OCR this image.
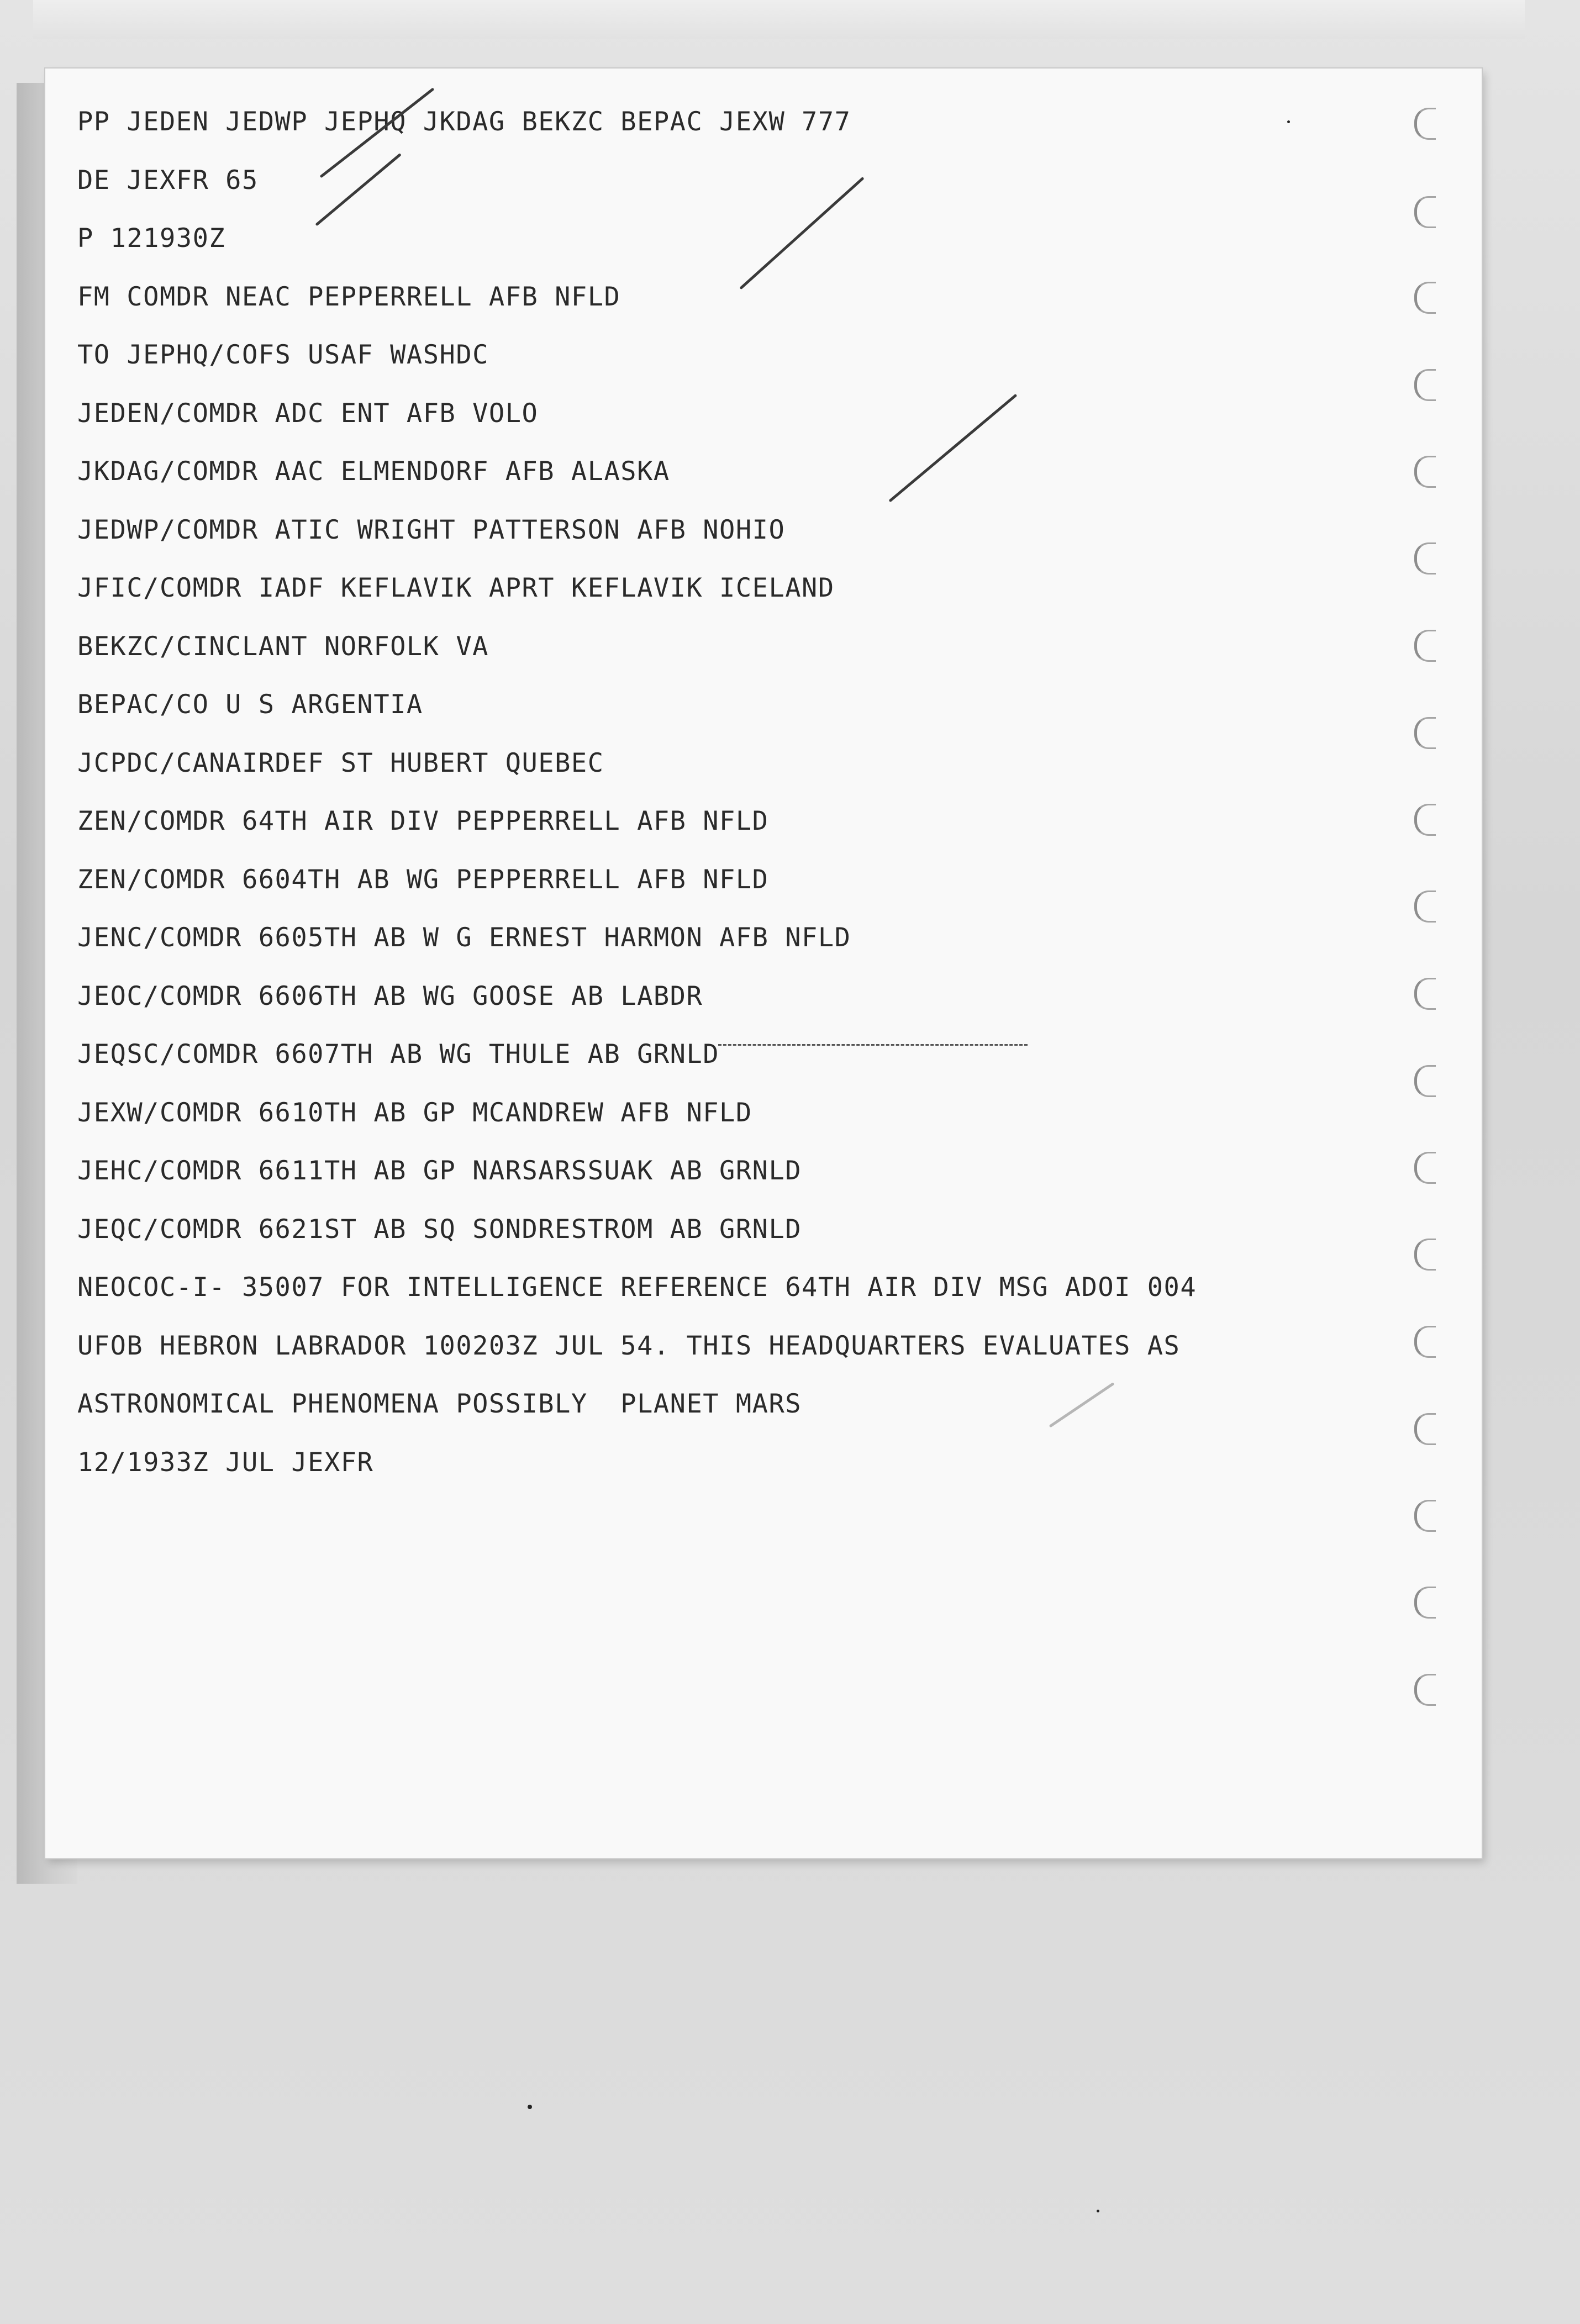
PP JEDEN JEDWP JEPHQ JKDAG BEKZC BEPAC JEXW 777
DE JEXFR 65
P 121930Z
FM COMDR NEAC PEPPERRELL AFB NFLD
TO JEPHQ/COFS USAF WASHDC
JEDEN/COMDR ADC ENT AFB VOLO
JKDAG/COMDR AAC ELMENDORF AFB ALASKA
JEDWP/COMDR ATIC WRIGHT PATTERSON AFB NOHIO
JFIC/COMDR IADF KEFLAVIK APRT KEFLAVIK ICELAND
BEKZC/CINCLANT NORFOLK VA
BEPAC/CO U S ARGENTIA
JCPDC/CANAIRDEF ST HUBERT QUEBEC
ZEN/COMDR 64TH AIR DIV PEPPERRELL AFB NFLD
ZEN/COMDR 6604TH AB WG PEPPERRELL AFB NFLD
JENC/COMDR 6605TH AB W G ERNEST HARMON AFB NFLD
JEOC/COMDR 6606TH AB WG GOOSE AB LABDR
JEQSC/COMDR 6607TH AB WG THULE AB GRNLD
JEXW/COMDR 6610TH AB GP MCANDREW AFB NFLD
JEHC/COMDR 6611TH AB GP NARSARSSUAK AB GRNLD
JEQC/COMDR 6621ST AB SQ SONDRESTROM AB GRNLD
NEOCOC-I- 35007 FOR INTELLIGENCE REFERENCE 64TH AIR DIV MSG ADOI 004
UFOB HEBRON LABRADOR 100203Z JUL 54. THIS HEADQUARTERS EVALUATES AS
ASTRONOMICAL PHENOMENA POSSIBLY  PLANET MARS
12/1933Z JUL JEXFR
